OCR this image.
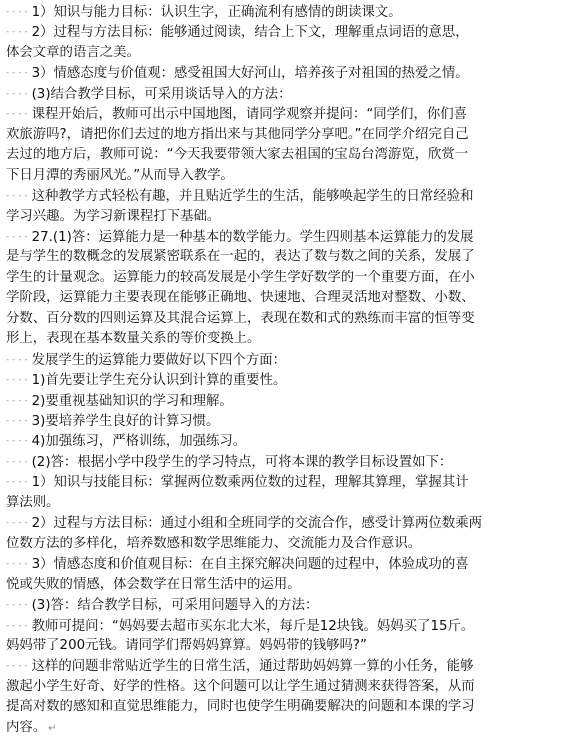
- - - - 1）知识与能力目标：认识生字，正确流利有感情的朗读课文。
- - - - 2）过程与方法目标：能够通过阅读，结合上下文，理解重点词语的意思，
体会文章的语言之美。
- - - - 3）情感态度与价值观：感受祖国大好河山，培养孩子对祖国的热爱之情。
- - - - (3)结合教学目标，可采用谈话导入的方法：
- - - - 课程开始后，教师可出示中国地图，请同学观察并提问：“同学们，你们喜
欢旅游吗?，请把你们去过的地方指出来与其他同学分享吧。”在同学介绍完自己
去过的地方后，教师可说：“今天我要带领大家去祖国的宝岛台湾游览，欣赏一
下日月潭的秀丽风光。”从而导入教学。
- - - - 这种教学方式轻松有趣，并且贴近学生的生活，能够唤起学生的日常经验和
学习兴趣。为学习新课程打下基础。
- - - - 27.(1)答：运算能力是一种基本的数学能力。学生四则基本运算能力的发展
是与学生的数概念的发展紧密联系在一起的，表达了数与数之间的关系，发展了
学生的计量观念。运算能力的较高发展是小学生学好数学的一个重要方面，在小
学阶段，运算能力主要表现在能够正确地、快速地、合理灵活地对整数、小数、
分数、百分数的四则运算及其混合运算上，表现在数和式的熟练而丰富的恒等变
形上，表现在基本数量关系的等价变换上。
- - - - 发展学生的运算能力要做好以下四个方面：
- - - - 1)首先要让学生充分认识到计算的重要性。
- - - - 2)要重视基础知识的学习和理解。
- - - - 3)要培养学生良好的计算习惯。
- - - - 4)加强练习，严格训练，加强练习。
- - - - (2)答：根据小学中段学生的学习特点，可将本课的教学目标设置如下：
- - - - 1）知识与技能目标：掌握两位数乘两位数的过程，理解其算理，掌握其计
算法则。
- - - - 2）过程与方法目标：通过小组和全班同学的交流合作，感受计算两位数乘两
位数方法的多样化，培养数感和数学思维能力、交流能力及合作意识。
- - - - 3）情感态度和价值观目标：在自主探究解决问题的过程中，体验成功的喜
悦或失败的情感，体会数学在日常生活中的运用。
- - - - (3)答：结合教学目标，可采用问题导入的方法：
- - - - 教师可提问：“妈妈要去超市买东北大米，每斤是12块钱。妈妈买了15斤。
妈妈带了200元钱。请同学们帮妈妈算算。妈妈带的钱够吗?”
- - - - 这样的问题非常贴近学生的日常生活，通过帮助妈妈算一算的小任务，能够
激起小学生好奇、好学的性格。这个问题可以让学生通过猜测来获得答案，从而
提高对数的感知和直觉思维能力，同时也使学生明确要解决的问题和本课的学习
内容。 ↵
